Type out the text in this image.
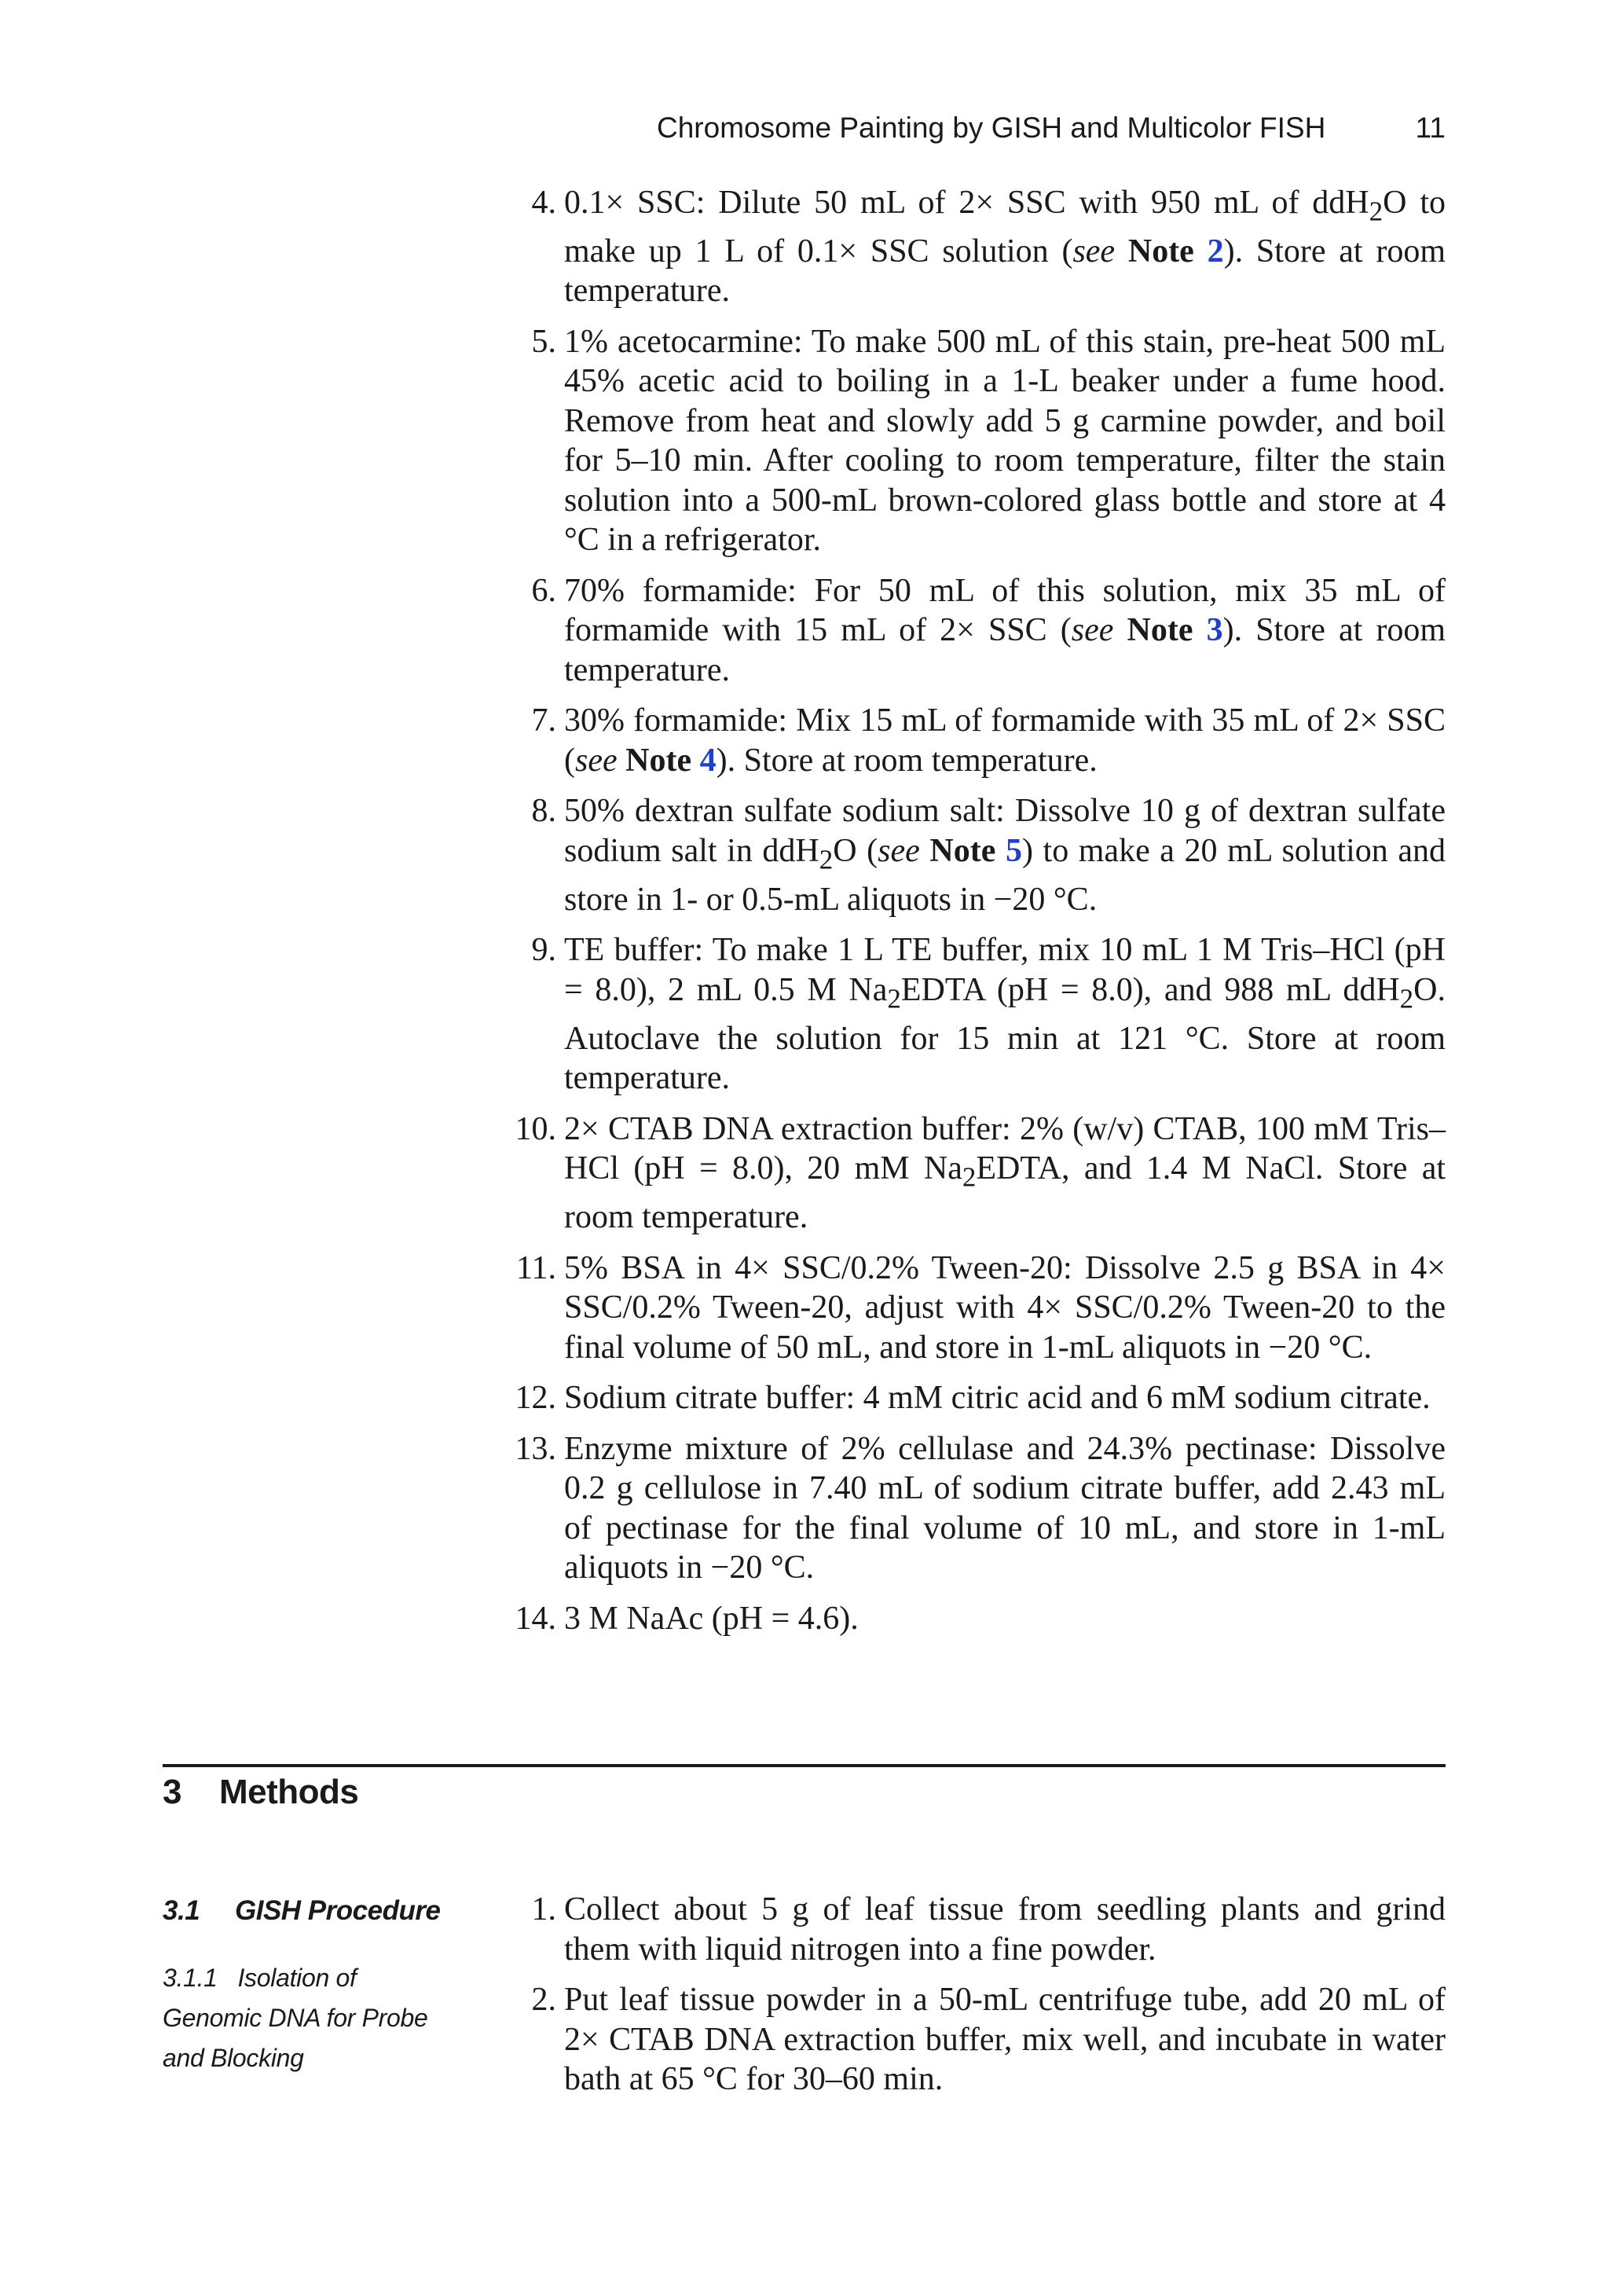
Chromosome Painting by GISH and Multicolor FISH	11
4. 0.1× SSC: Dilute 50 mL of 2× SSC with 950 mL of ddH$_2$O to make up 1 L of 0.1× SSC solution (see Note 2). Store at room temperature.
5. 1% acetocarmine: To make 500 mL of this stain, pre-heat 500 mL 45% acetic acid to boiling in a 1-L beaker under a fume hood. Remove from heat and slowly add 5 g carmine powder, and boil for 5–10 min. After cooling to room temperature, filter the stain solution into a 500-mL brown-colored glass bottle and store at 4 °C in a refrigerator.
6. 70% formamide: For 50 mL of this solution, mix 35 mL of formamide with 15 mL of 2× SSC (see Note 3). Store at room temperature.
7. 30% formamide: Mix 15 mL of formamide with 35 mL of 2× SSC (see Note 4). Store at room temperature.
8. 50% dextran sulfate sodium salt: Dissolve 10 g of dextran sulfate sodium salt in ddH$_2$O (see Note 5) to make a 20 mL solution and store in 1- or 0.5-mL aliquots in −20 °C.
9. TE buffer: To make 1 L TE buffer, mix 10 mL 1 M Tris–HCl (pH = 8.0), 2 mL 0.5 M $Na_2EDTA$ (pH = 8.0), and 988 mL ddH$_2$O. Autoclave the solution for 15 min at 121 °C. Store at room temperature.
10. 2× CTAB DNA extraction buffer: 2% (w/v) CTAB, 100 mM Tris–HCl (pH = 8.0), 20 mM $Na_2EDTA$, and 1.4 M NaCl. Store at room temperature.
11. 5% BSA in 4× SSC/0.2% Tween-20: Dissolve 2.5 g BSA in 4× SSC/0.2% Tween-20, adjust with 4× SSC/0.2% Tween-20 to the final volume of 50 mL, and store in 1-mL aliquots in −20 °C.
12. Sodium citrate buffer: 4 mM citric acid and 6 mM sodium citrate.
13. Enzyme mixture of 2% cellulase and 24.3% pectinase: Dissolve 0.2 g cellulose in 7.40 mL of sodium citrate buffer, add 2.43 mL of pectinase for the final volume of 10 mL, and store in 1-mL aliquots in −20 °C.
14. 3 M NaAc (pH = 4.6).
3 Methods
3.1 GISH Procedure
3.1.1 Isolation of Genomic DNA for Probe and Blocking
1. Collect about 5 g of leaf tissue from seedling plants and grind them with liquid nitrogen into a fine powder.
2. Put leaf tissue powder in a 50-mL centrifuge tube, add 20 mL of 2× CTAB DNA extraction buffer, mix well, and incubate in water bath at 65 °C for 30–60 min.
